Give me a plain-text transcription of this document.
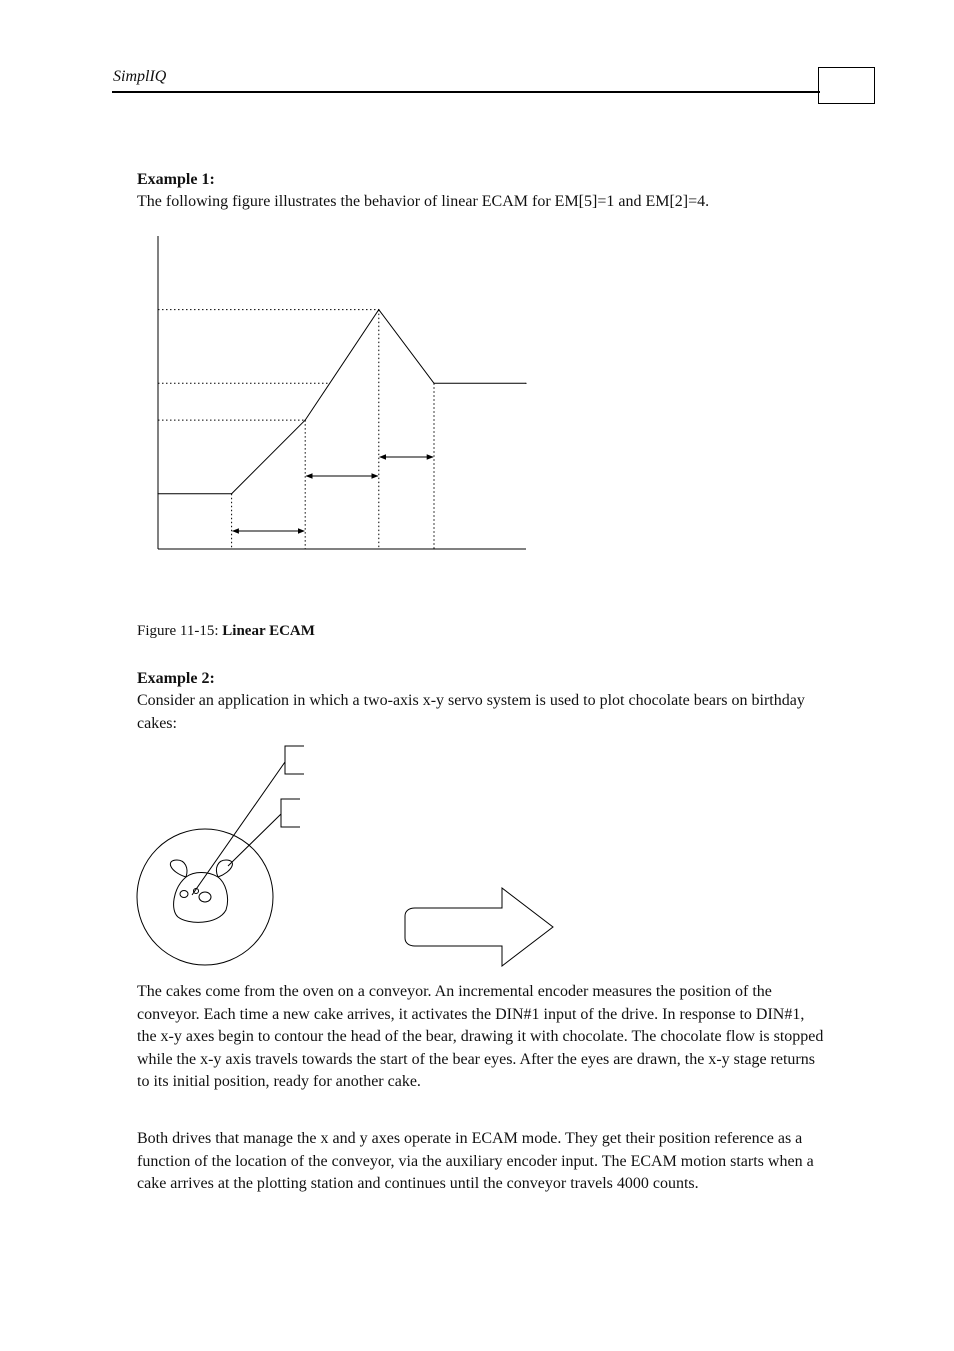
SimplIQ

Example 1:

The following figure illustrates the behavior of linear ECAM for EM[5]=1 and EM[2]=4.

Figure 11-15: Linear ECAM

Example 2:

Consider an application in which a two-axis x-y servo system is used to plot chocolate bears on birthday cakes:

The cakes come from the oven on a conveyor. An incremental encoder measures the position of the conveyor. Each time a new cake arrives, it activates the DIN#1 input of the drive. In response to DIN#1, the x-y axes begin to contour the head of the bear, drawing it with chocolate. The chocolate flow is stopped while the x-y axis travels towards the start of the bear eyes. After the eyes are drawn, the x-y stage returns to its initial position, ready for another cake.

Both drives that manage the x and y axes operate in ECAM mode. They get their position reference as a function of the location of the conveyor, via the auxiliary encoder input. The ECAM motion starts when a cake arrives at the plotting station and continues until the conveyor travels 4000 counts.
